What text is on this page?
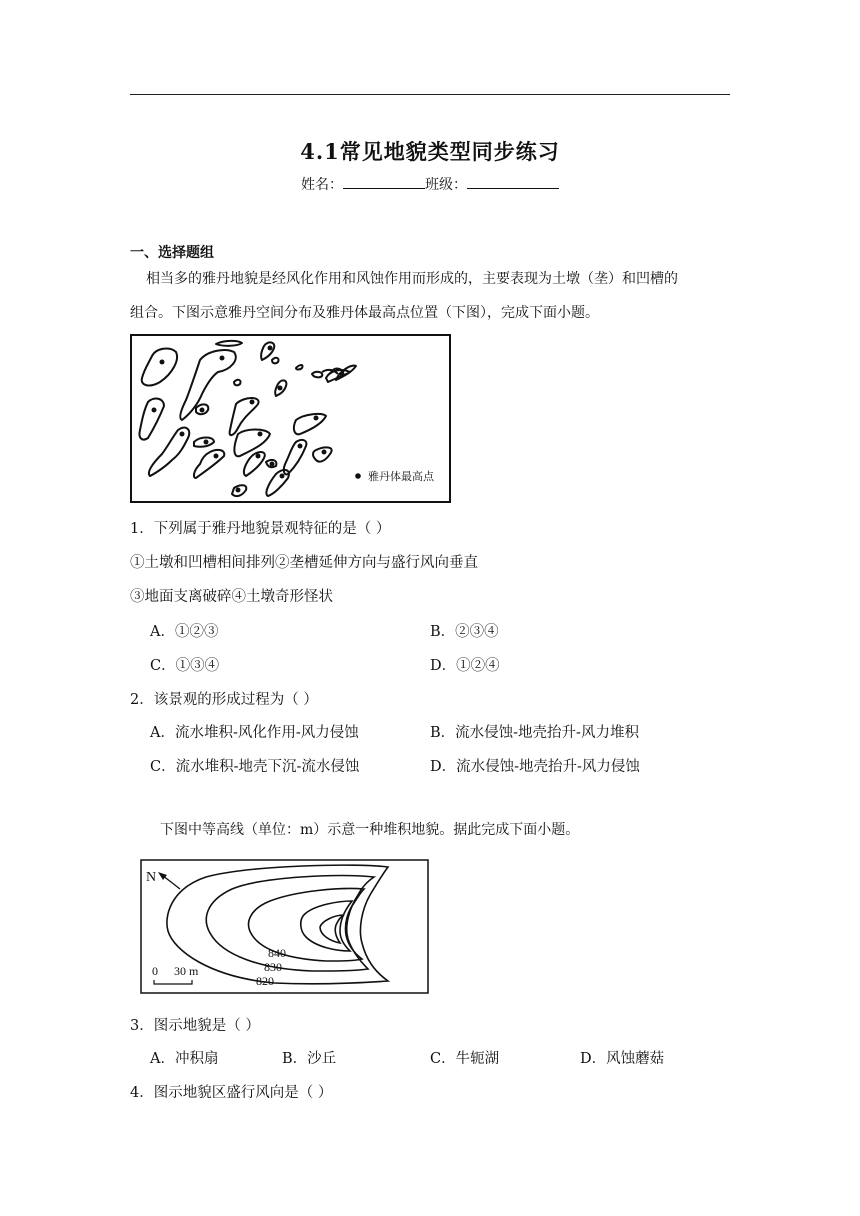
4.1常见地貌类型同步练习
姓名：	班级：
一、选择题组
相当多的雅丹地貌是经风化作用和风蚀作用而形成的，主要表现为土墩（垄）和凹槽的
组合。下图示意雅丹空间分布及雅丹体最高点位置（下图），完成下面小题。
雅丹体最高点
1．下列属于雅丹地貌景观特征的是（ ）
①土墩和凹槽相间排列②垄槽延伸方向与盛行风向垂直
③地面支离破碎④土墩奇形怪状
A．①②③	B．②③④
C．①③④	D．①②④
2．该景观的形成过程为（ ）
A．流水堆积-风化作用-风力侵蚀	B．流水侵蚀-地壳抬升-风力堆积
C．流水堆积-地壳下沉-流水侵蚀	D．流水侵蚀-地壳抬升-风力侵蚀
下图中等高线（单位：m）示意一种堆积地貌。据此完成下面小题。
N
0 30 m
840
830
820
3．图示地貌是（ ）
A．冲积扇	B．沙丘	C．牛轭湖	D．风蚀蘑菇
4．图示地貌区盛行风向是（ ）
